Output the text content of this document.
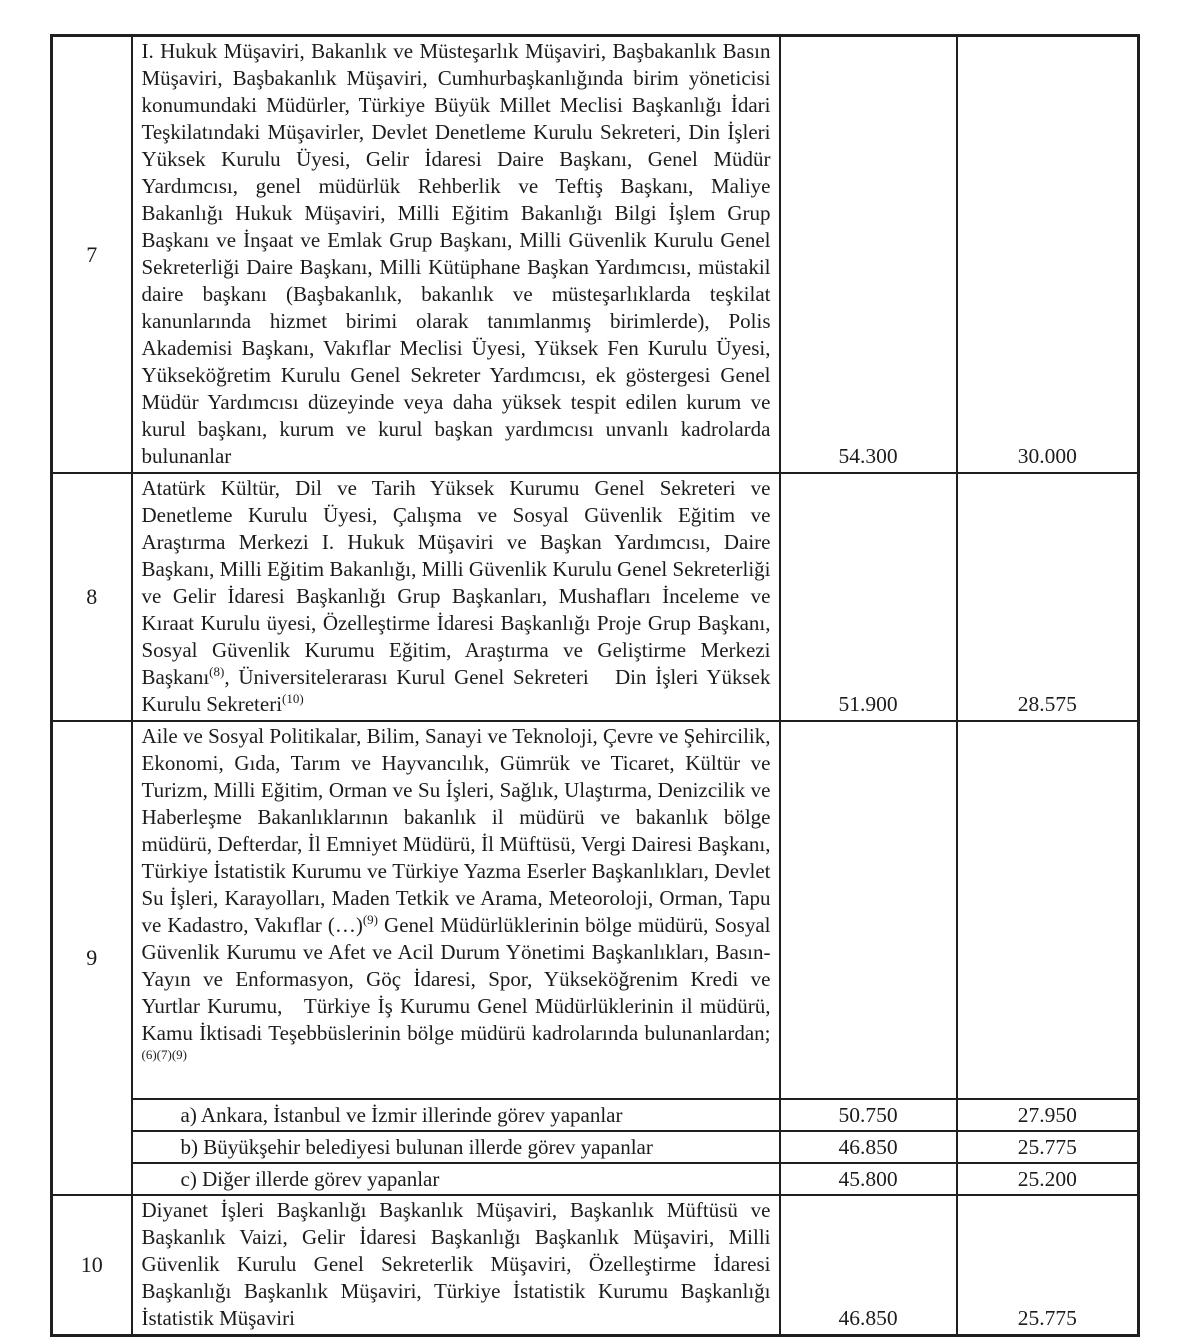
7	I. Hukuk Müşaviri, Bakanlık ve Müsteşarlık Müşaviri, Başbakanlık Basın Müşaviri, Başbakanlık Müşaviri, Cumhurbaşkanlığında birim yöneticisi konumundaki Müdürler, Türkiye Büyük Millet Meclisi Başkanlığı İdari Teşkilatındaki Müşavirler, Devlet Denetleme Kurulu Sekreteri, Din İşleri Yüksek Kurulu Üyesi, Gelir İdaresi Daire Başkanı, Genel Müdür Yardımcısı, genel müdürlük Rehberlik ve Teftiş Başkanı, Maliye Bakanlığı Hukuk Müşaviri, Milli Eğitim Bakanlığı Bilgi İşlem Grup Başkanı ve İnşaat ve Emlak Grup Başkanı, Milli Güvenlik Kurulu Genel Sekreterliği Daire Başkanı, Milli Kütüphane Başkan Yardımcısı, müstakil daire başkanı (Başbakanlık, bakanlık ve müsteşarlıklarda teşkilat kanunlarında hizmet birimi olarak tanımlanmış birimlerde), Polis Akademisi Başkanı, Vakıflar Meclisi Üyesi, Yüksek Fen Kurulu Üyesi, Yükseköğretim Kurulu Genel Sekreter Yardımcısı, ek göstergesi Genel Müdür Yardımcısı düzeyinde veya daha yüksek tespit edilen kurum ve kurul başkanı, kurum ve kurul başkan yardımcısı unvanlı kadrolarda bulunanlar	54.300	30.000
8	Atatürk Kültür, Dil ve Tarih Yüksek Kurumu Genel Sekreteri ve Denetleme Kurulu Üyesi, Çalışma ve Sosyal Güvenlik Eğitim ve Araştırma Merkezi I. Hukuk Müşaviri ve Başkan Yardımcısı, Daire Başkanı, Milli Eğitim Bakanlığı, Milli Güvenlik Kurulu Genel Sekreterliği ve Gelir İdaresi Başkanlığı Grup Başkanları, Mushafları İnceleme ve Kıraat Kurulu üyesi, Özelleştirme İdaresi Başkanlığı Proje Grup Başkanı, Sosyal Güvenlik Kurumu Eğitim, Araştırma ve Geliştirme Merkezi Başkanı$^{(8)}$, Üniversitelerarası Kurul Genel Sekreteri   Din İşleri Yüksek Kurulu Sekreteri$^{(10)}$	51.900	28.575
9	Aile ve Sosyal Politikalar, Bilim, Sanayi ve Teknoloji, Çevre ve Şehircilik, Ekonomi, Gıda, Tarım ve Hayvancılık, Gümrük ve Ticaret, Kültür ve Turizm, Milli Eğitim, Orman ve Su İşleri, Sağlık, Ulaştırma, Denizcilik ve Haberleşme Bakanlıklarının bakanlık il müdürü ve bakanlık bölge müdürü, Defterdar, İl Emniyet Müdürü, İl Müftüsü, Vergi Dairesi Başkanı, Türkiye İstatistik Kurumu ve Türkiye Yazma Eserler Başkanlıkları, Devlet Su İşleri, Karayolları, Maden Tetkik ve Arama, Meteoroloji, Orman, Tapu ve Kadastro, Vakıflar (…)$^{(9)}$ Genel Müdürlüklerinin bölge müdürü, Sosyal Güvenlik Kurumu ve Afet ve Acil Durum Yönetimi Başkanlıkları, Basın-Yayın ve Enformasyon, Göç İdaresi, Spor, Yükseköğrenim Kredi ve Yurtlar Kurumu,   Türkiye İş Kurumu Genel Müdürlüklerinin il müdürü, Kamu İktisadi Teşebbüslerinin bölge müdürü kadrolarında bulunanlardan;$^{(6)(7)(9)}$		
	a) Ankara, İstanbul ve İzmir illerinde görev yapanlar	50.750	27.950
	b) Büyükşehir belediyesi bulunan illerde görev yapanlar	46.850	25.775
	c) Diğer illerde görev yapanlar	45.800	25.200
10	Diyanet İşleri Başkanlığı Başkanlık Müşaviri, Başkanlık Müftüsü ve Başkanlık Vaizi, Gelir İdaresi Başkanlığı Başkanlık Müşaviri, Milli Güvenlik Kurulu Genel Sekreterlik Müşaviri, Özelleştirme İdaresi Başkanlığı Başkanlık Müşaviri, Türkiye İstatistik Kurumu Başkanlığı İstatistik Müşaviri	46.850	25.775
